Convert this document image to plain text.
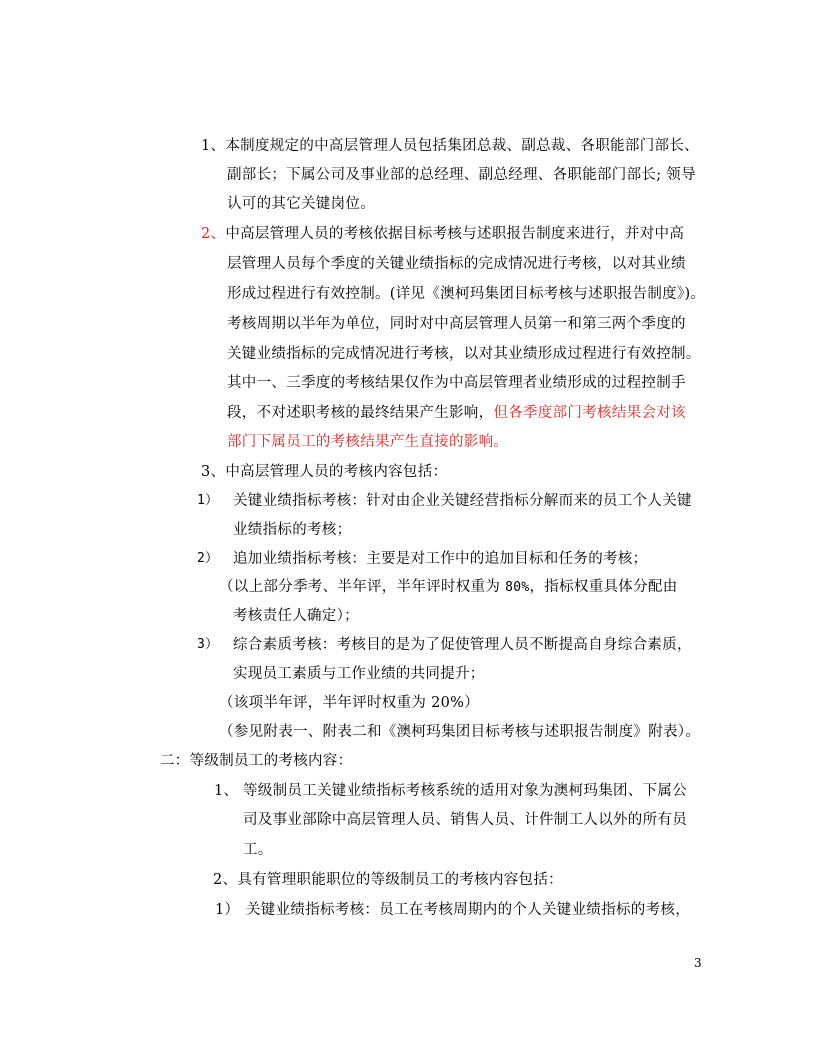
1、本制度规定的中高层管理人员包括集团总裁、副总裁、各职能部门部长、
副部长；下属公司及事业部的总经理、副总经理、各职能部门部长; 领导
认可的其它关键岗位。
2、中高层管理人员的考核依据目标考核与述职报告制度来进行，并对中高
层管理人员每个季度的关键业绩指标的完成情况进行考核，以对其业绩
形成过程进行有效控制。(详见《澳柯玛集团目标考核与述职报告制度》)。
考核周期以半年为单位，同时对中高层管理人员第一和第三两个季度的
关键业绩指标的完成情况进行考核，以对其业绩形成过程进行有效控制。
其中一、三季度的考核结果仅作为中高层管理者业绩形成的过程控制手
段，不对述职考核的最终结果产生影响，但各季度部门考核结果会对该
部门下属员工的考核结果产生直接的影响。
3、中高层管理人员的考核内容包括：
1） 关键业绩指标考核：针对由企业关键经营指标分解而来的员工个人关键
业绩指标的考核；
2） 追加业绩指标考核：主要是对工作中的追加目标和任务的考核；
（以上部分季考、半年评，半年评时权重为 80%，指标权重具体分配由
考核责任人确定）；
3） 综合素质考核：考核目的是为了促使管理人员不断提高自身综合素质，
实现员工素质与工作业绩的共同提升；
（该项半年评，半年评时权重为 20%）
（参见附表一、附表二和《澳柯玛集团目标考核与述职报告制度》附表）。
二：等级制员工的考核内容：
1、 等级制员工关键业绩指标考核系统的适用对象为澳柯玛集团、下属公
司及事业部除中高层管理人员、销售人员、计件制工人以外的所有员
工。
2、具有管理职能职位的等级制员工的考核内容包括：
1） 关键业绩指标考核：员工在考核周期内的个人关键业绩指标的考核，
3
